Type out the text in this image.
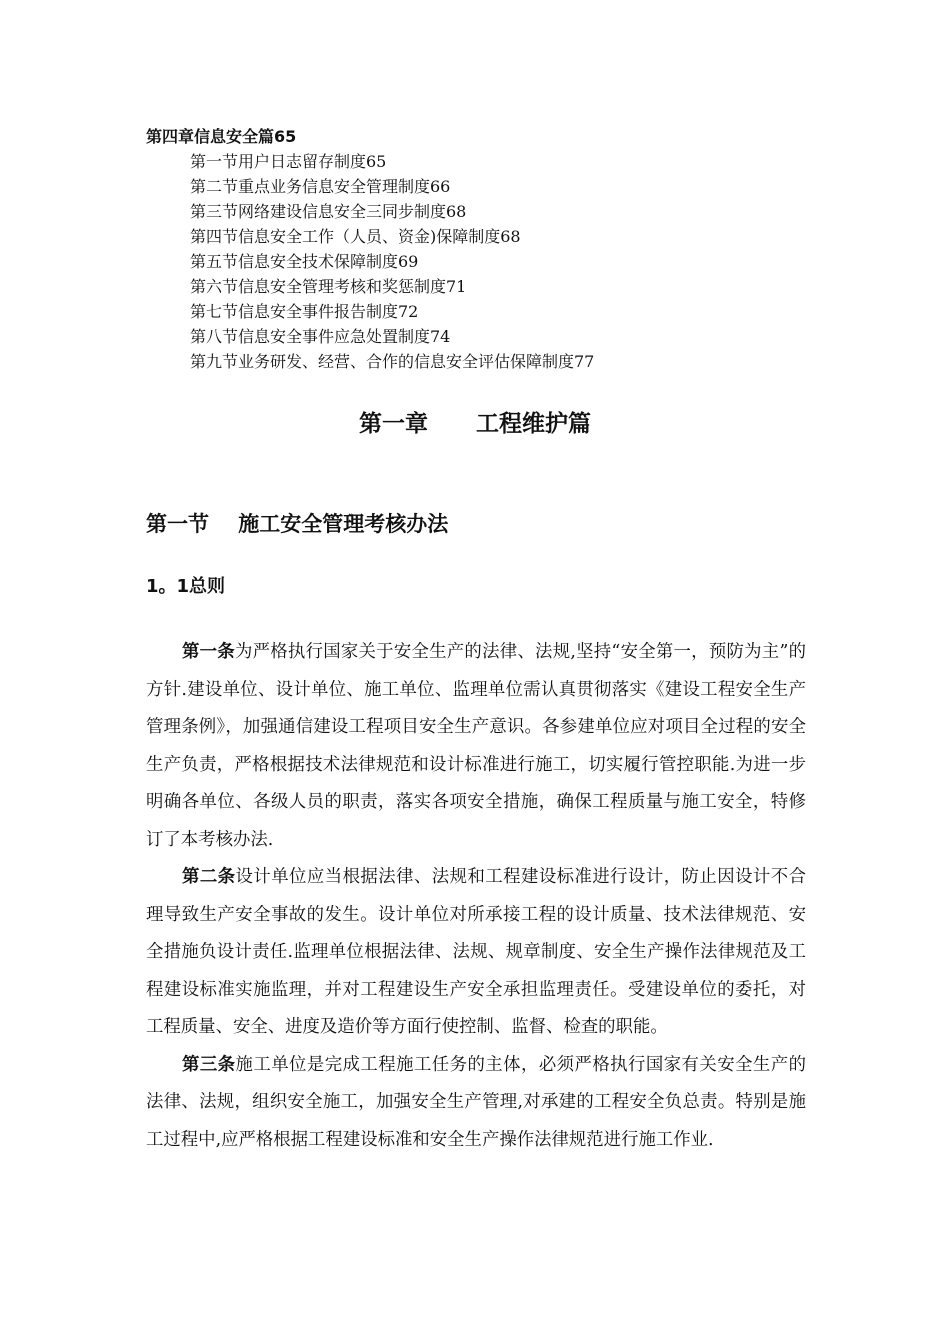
第四章信息安全篇65
第一节用户日志留存制度65
第二节重点业务信息安全管理制度66
第三节网络建设信息安全三同步制度68
第四节信息安全工作（人员、资金)保障制度68
第五节信息安全技术保障制度69
第六节信息安全管理考核和奖惩制度71
第七节信息安全事件报告制度72
第八节信息安全事件应急处置制度74
第九节业务研发、经营、合作的信息安全评估保障制度77
第一章      工程维护篇
第一节    施工安全管理考核办法
1。1总则

第一条为严格执行国家关于安全生产的法律、法规,坚持“安全第一，预防为主”的方针.建设单位、设计单位、施工单位、监理单位需认真贯彻落实《建设工程安全生产管理条例》，加强通信建设工程项目安全生产意识。各参建单位应对项目全过程的安全生产负责，严格根据技术法律规范和设计标准进行施工，切实履行管控职能.为进一步明确各单位、各级人员的职责，落实各项安全措施，确保工程质量与施工安全，特修订了本考核办法.

第二条设计单位应当根据法律、法规和工程建设标准进行设计，防止因设计不合理导致生产安全事故的发生。设计单位对所承接工程的设计质量、技术法律规范、安全措施负设计责任.监理单位根据法律、法规、规章制度、安全生产操作法律规范及工程建设标准实施监理，并对工程建设生产安全承担监理责任。受建设单位的委托，对工程质量、安全、进度及造价等方面行使控制、监督、检查的职能。

第三条施工单位是完成工程施工任务的主体，必须严格执行国家有关安全生产的法律、法规，组织安全施工，加强安全生产管理,对承建的工程安全负总责。特别是施工过程中,应严格根据工程建设标准和安全生产操作法律规范进行施工作业.
